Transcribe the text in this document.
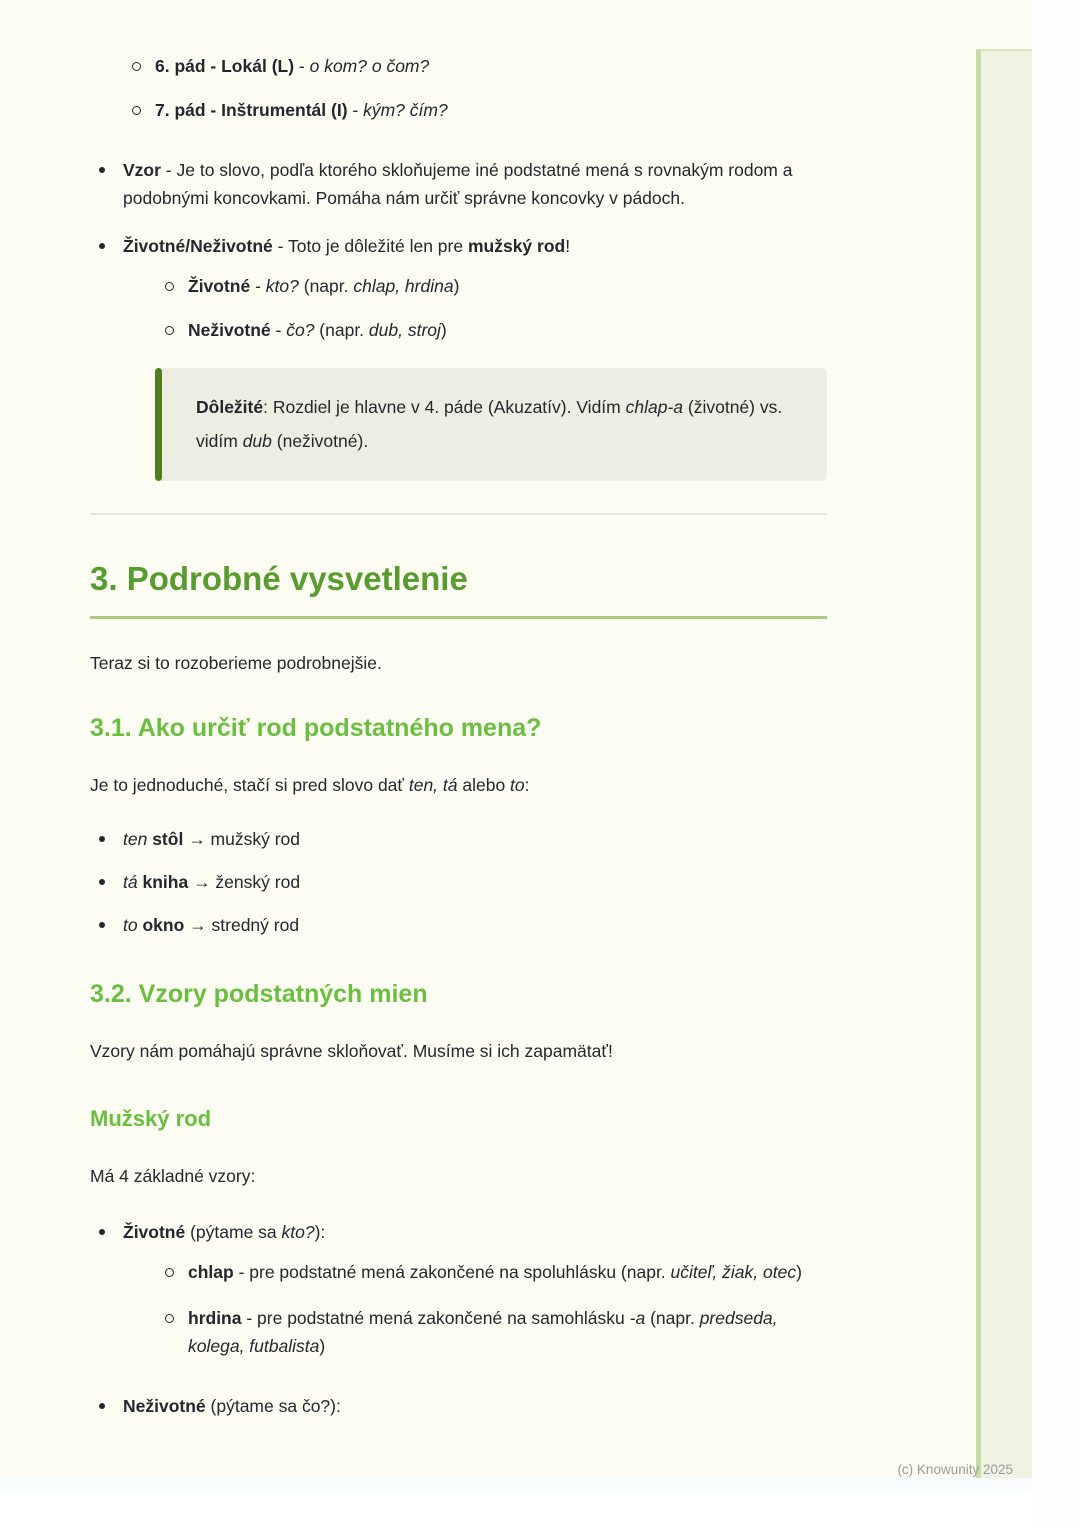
6. pád - Lokál (L) - o kom? o čom?
7. pád - Inštrumentál (I) - kým? čím?
Vzor - Je to slovo, podľa ktorého skloňujeme iné podstatné mená s rovnakým rodom a podobnými koncovkami. Pomáha nám určiť správne koncovky v pádoch.
Životné/Neživotné - Toto je dôležité len pre mužský rod!
Životné - kto? (napr. chlap, hrdina)
Neživotné - čo? (napr. dub, stroj)

Dôležité: Rozdiel je hlavne v 4. páde (Akuzatív). Vidím chlap-a (životné) vs. vidím dub (neživotné).

3. Podrobné vysvetlenie

Teraz si to rozoberieme podrobnejšie.

3.1. Ako určiť rod podstatného mena?

Je to jednoduché, stačí si pred slovo dať ten, tá alebo to:

ten stôl → mužský rod
tá kniha → ženský rod
to okno → stredný rod
3.2. Vzory podstatných mien

Vzory nám pomáhajú správne skloňovať. Musíme si ich zapamätať!

Mužský rod

Má 4 základné vzory:

Životné (pýtame sa kto?):
chlap - pre podstatné mená zakončené na spoluhlásku (napr. učiteľ, žiak, otec)
hrdina - pre podstatné mená zakončené na samohlásku -a (napr. predseda, kolega, futbalista)
Neživotné (pýtame sa čo?):
(c) Knowunity 2025
